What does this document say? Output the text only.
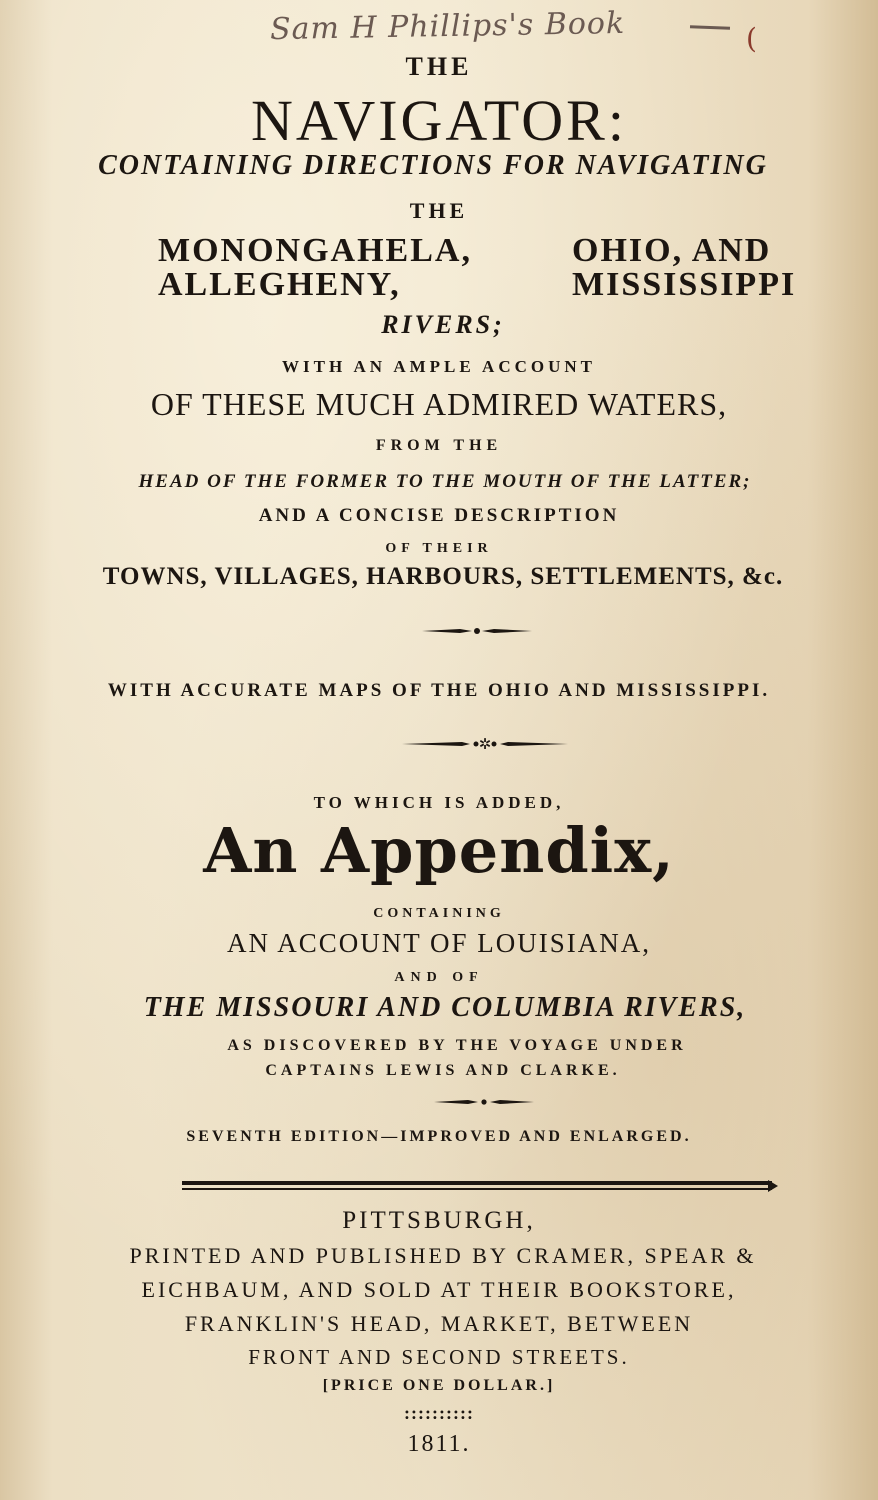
Sam H Phillips's Book	(
THE
NAVIGATOR:
CONTAINING DIRECTIONS FOR NAVIGATING
THE
MONONGAHELA,
ALLEGHENY,
OHIO, AND
MISSISSIPPI
RIVERS;
WITH AN AMPLE ACCOUNT
OF THESE MUCH ADMIRED WATERS,
FROM THE
HEAD OF THE FORMER TO THE MOUTH OF THE LATTER;
AND A CONCISE DESCRIPTION
OF THEIR
TOWNS, VILLAGES, HARBOURS, SETTLEMENTS, &c.
WITH ACCURATE MAPS OF THE OHIO AND MISSISSIPPI.
✲
TO WHICH IS ADDED,
An Appendix,
CONTAINING
AN ACCOUNT OF LOUISIANA,
AND OF
THE MISSOURI AND COLUMBIA RIVERS,
AS DISCOVERED BY THE VOYAGE UNDER
CAPTAINS LEWIS AND CLARKE.
SEVENTH EDITION—IMPROVED AND ENLARGED.
PITTSBURGH,
PRINTED AND PUBLISHED BY CRAMER, SPEAR &
EICHBAUM, AND SOLD AT THEIR BOOKSTORE,
FRANKLIN'S HEAD, MARKET, BETWEEN
FRONT AND SECOND STREETS.
[PRICE ONE DOLLAR.]
::::::::::
1811.
